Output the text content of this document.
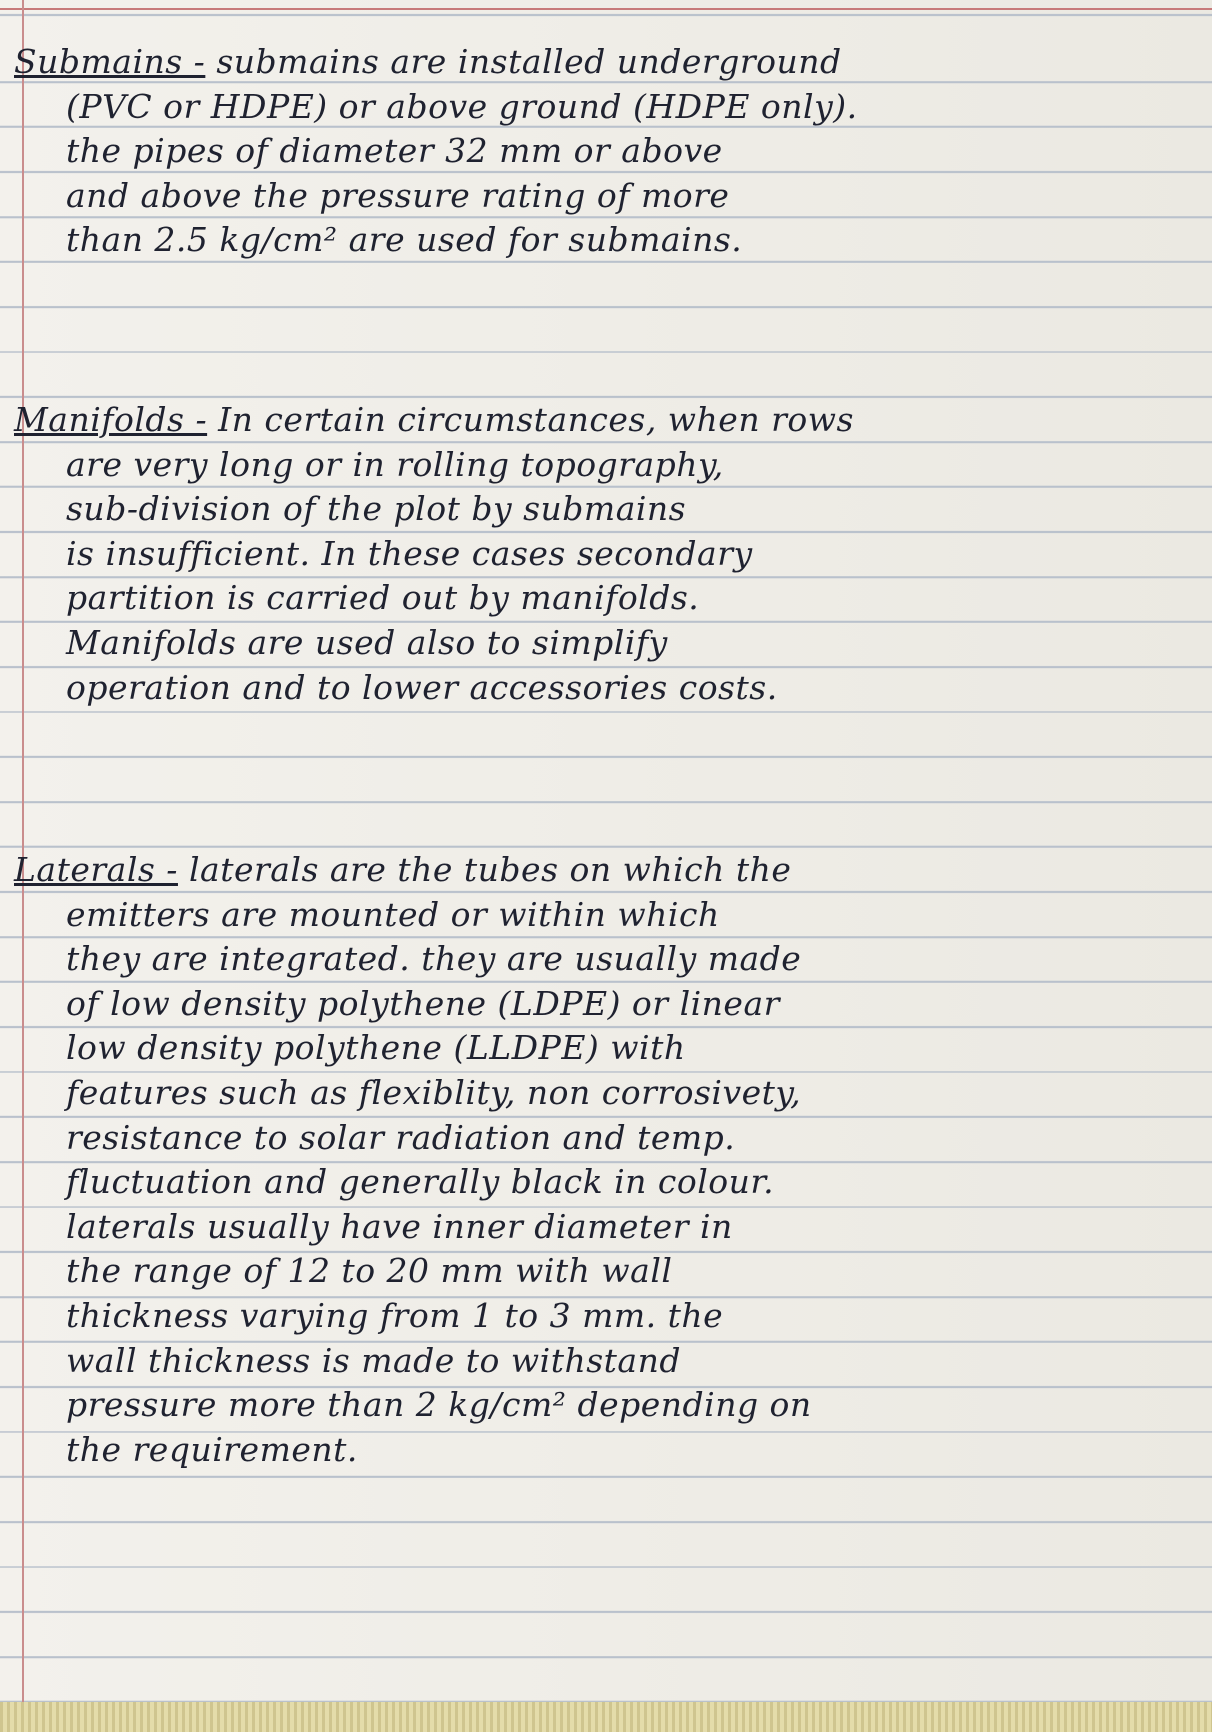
Submains - submains are installed underground
(PVC or HDPE) or above ground (HDPE only).
the pipes of diameter 32 mm or above
and above the pressure rating of more
than 2.5 kg/cm² are used for submains.
Manifolds - In certain circumstances, when rows
are very long or in rolling topography,
sub-division of the plot by submains
is insufficient. In these cases secondary
partition is carried out by manifolds.
Manifolds are used also to simplify
operation and to lower accessories costs.
Laterals - laterals are the tubes on which the
emitters are mounted or within which
they are integrated. they are usually made
of low density polythene (LDPE) or linear
low density polythene (LLDPE) with
features such as flexiblity, non corrosivety,
resistance to solar radiation and temp.
fluctuation and generally black in colour.
laterals usually have inner diameter in
the range of 12 to 20 mm with wall
thickness varying from 1 to 3 mm. the
wall thickness is made to withstand
pressure more than 2 kg/cm² depending on
the requirement.
